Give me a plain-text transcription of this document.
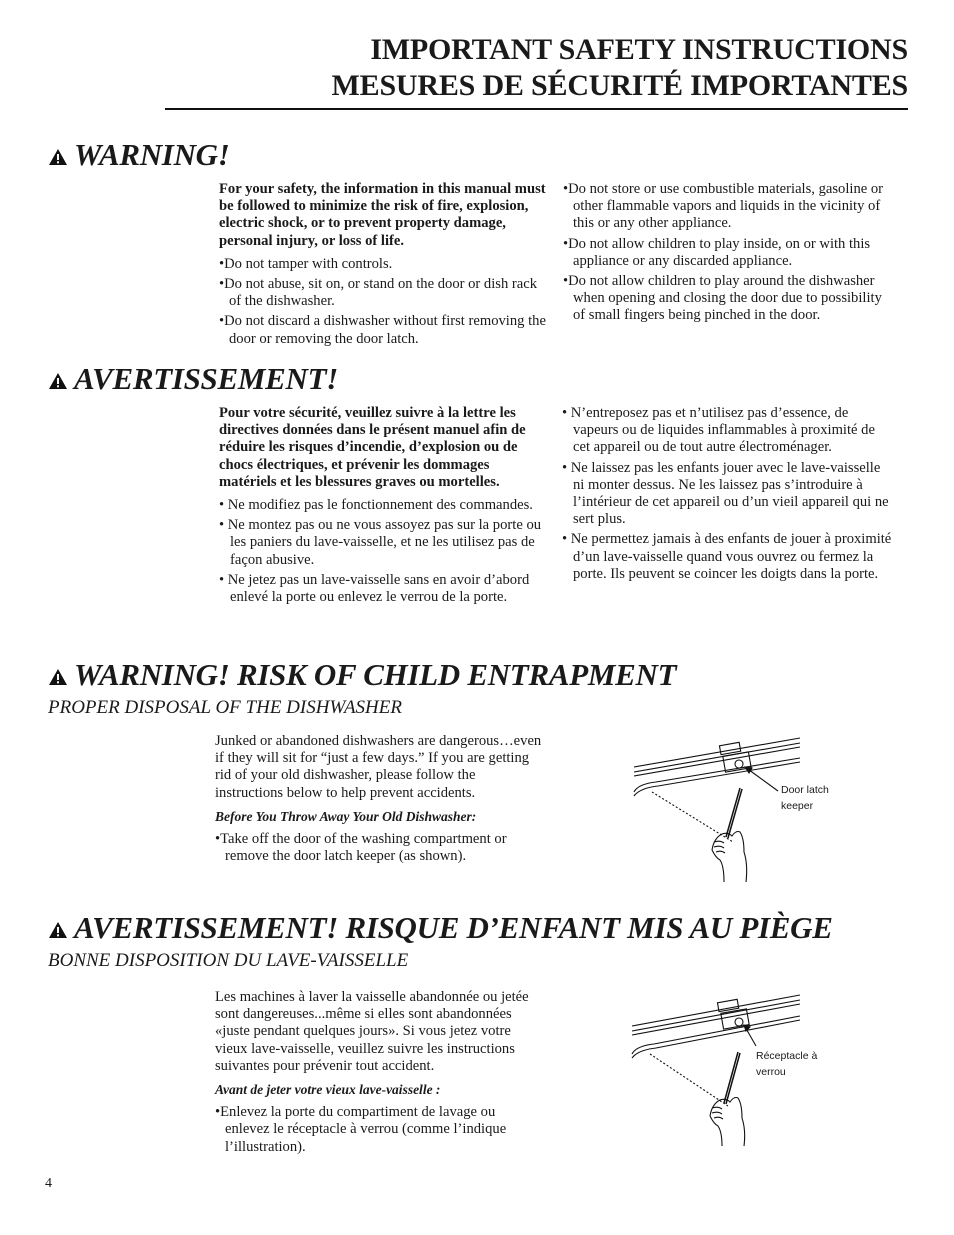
IMPORTANT SAFETY INSTRUCTIONS
MESURES DE SÉCURITÉ IMPORTANTES
WARNING!

For your safety, the information in this manual must be followed to minimize the risk of fire, explosion, electric shock, or to prevent property damage, personal injury, or loss of life.

•Do not tamper with controls.

•Do not abuse, sit on, or stand on the door or dish rack of the dishwasher.

•Do not discard a dishwasher without first removing the door or removing the door latch.

•Do not store or use combustible materials, gasoline or other flammable vapors and liquids in the vicinity of this or any other appliance.

•Do not allow children to play inside, on or with this appliance or any discarded appliance.

•Do not allow children to play around the dishwasher when opening and closing the door due to possibility of small fingers being pinched in the door.

AVERTISSEMENT!

Pour votre sécurité, veuillez suivre à la lettre les directives données dans le présent manuel afin de réduire les risques d’incendie, d’explosion ou de chocs électriques, et prévenir les dommages matériels et les blessures graves ou mortelles.

• Ne modifiez pas le fonctionnement des commandes.

• Ne montez pas ou ne vous assoyez pas sur la porte ou les paniers du lave-vaisselle, et ne les utilisez pas de façon abusive.

• Ne jetez pas un lave-vaisselle sans en avoir d’abord enlevé la porte ou enlevez le verrou de la porte.

• N’entreposez pas et n’utilisez pas d’essence, de vapeurs ou de liquides inflammables à proximité de cet appareil ou de tout autre électroménager.

• Ne laissez pas les enfants jouer avec le lave-vaisselle ni monter dessus. Ne les laissez pas s’introduire à l’intérieur de cet appareil ou d’un vieil appareil qui ne sert plus.

• Ne permettez jamais à des enfants de jouer à proximité d’un lave-vaisselle quand vous ouvrez ou fermez la porte. Ils peuvent se coincer les doigts dans la porte.

WARNING! RISK OF CHILD ENTRAPMENT
PROPER DISPOSAL OF THE DISHWASHER

Junked or abandoned dishwashers are dangerous…even if they will sit for “just a few days.” If you are getting rid of your old dishwasher, please follow the instructions below to help prevent accidents.

Before You Throw Away Your Old Dishwasher:

•Take off the door of the washing compartment or remove the door latch keeper (as shown).

Door latch
keeper
AVERTISSEMENT! RISQUE D’ENFANT MIS AU PIÈGE
BONNE DISPOSITION DU LAVE-VAISSELLE

Les machines à laver la vaisselle abandonnée ou jetée sont dangereuses...même si elles sont abandonnées «juste pendant quelques jours». Si vous jetez votre vieux lave-vaisselle, veuillez suivre les instructions suivantes pour prévenir tout accident.

Avant de jeter votre vieux lave-vaisselle :

•Enlevez la porte du compartiment de lavage ou enlevez le réceptacle à verrou (comme l’indique l’illustration).

Réceptacle à
verrou
4
